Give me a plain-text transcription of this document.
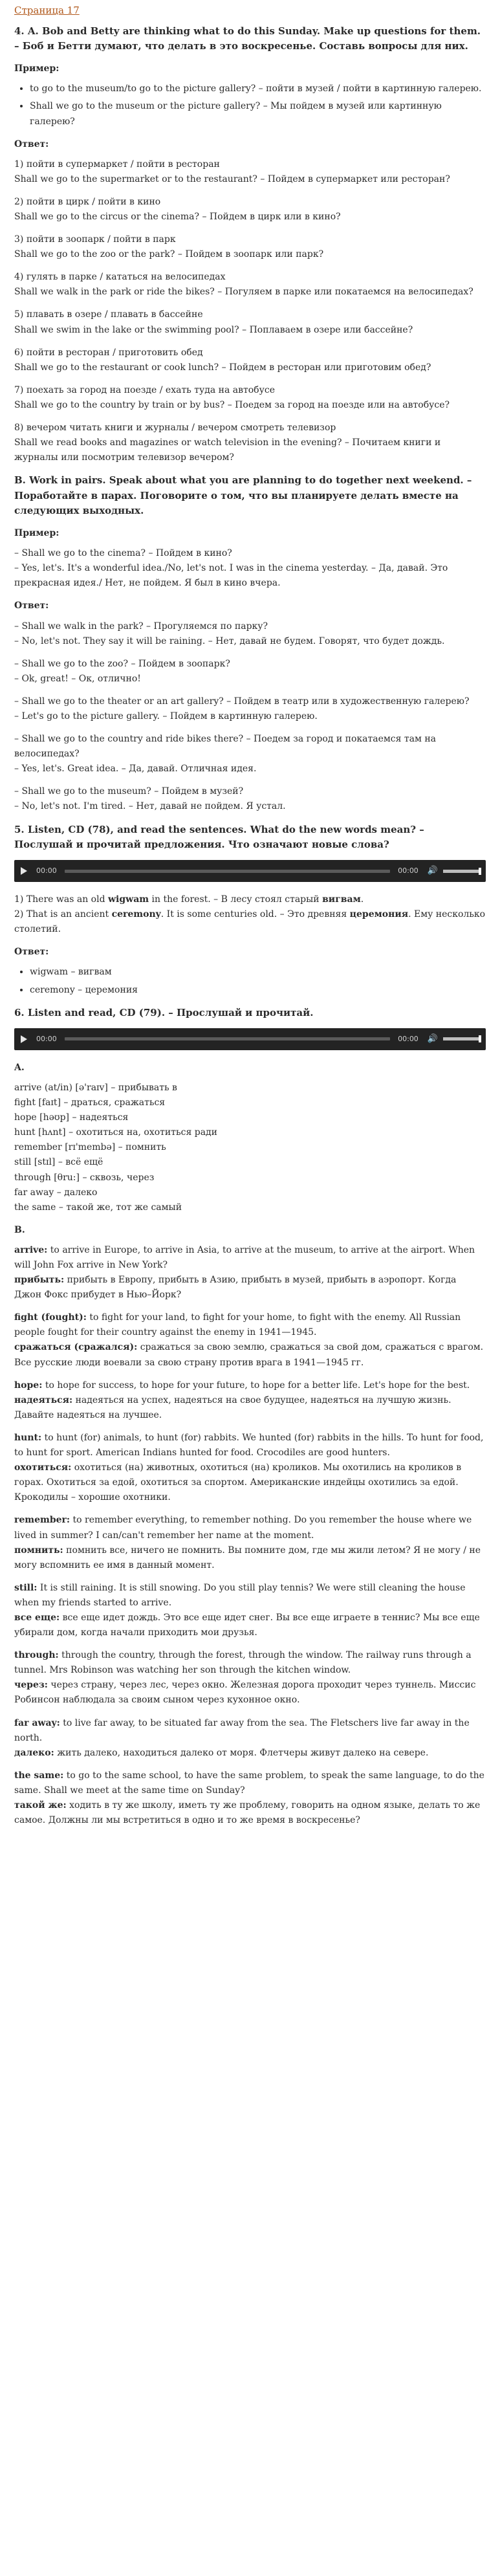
Страница 17
4. A. Bob and Betty are thinking what to do this Sunday. Make up questions for them. – Боб и Бетти думают, что делать в это воскресенье. Составь вопросы для них.

Пример:

• to go to the museum/to go to the picture gallery? – пойти в музей / пойти в картинную галерею.
• Shall we go to the museum or the picture gallery? – Мы пойдем в музей или картинную галерею?

Ответ:

1) пойти в супермаркет / пойти в ресторан
Shall we go to the supermarket or to the restaurant? – Пойдем в супермаркет или ресторан?

2) пойти в цирк / пойти в кино
Shall we go to the circus or the cinema? – Пойдем в цирк или в кино?

3) пойти в зоопарк / пойти в парк
Shall we go to the zoo or the park? – Пойдем в зоопарк или парк?

4) гулять в парке / кататься на велосипедах
Shall we walk in the park or ride the bikes? – Погуляем в парке или покатаемся на велосипедах?

5) плавать в озере / плавать в бассейне
Shall we swim in the lake or the swimming pool? – Поплаваем в озере или бассейне?

6) пойти в ресторан / приготовить обед
Shall we go to the restaurant or cook lunch? – Пойдем в ресторан или приготовим обед?

7) поехать за город на поезде / ехать туда на автобусе
Shall we go to the country by train or by bus? – Поедем за город на поезде или на автобусе?

8) вечером читать книги и журналы / вечером смотреть телевизор
Shall we read books and magazines or watch television in the evening? – Почитаем книги и журналы или посмотрим телевизор вечером?

B. Work in pairs. Speak about what you are planning to do together next weekend. – Поработайте в парах. Поговорите о том, что вы планируете делать вместе на следующих выходных.

Пример:

– Shall we go to the cinema? – Пойдем в кино?
– Yes, let's. It's a wonderful idea./No, let's not. I was in the cinema yesterday. – Да, давай. Это прекрасная идея./ Нет, не пойдем. Я был в кино вчера.

Ответ:

– Shall we walk in the park? – Прогуляемся по парку?
– No, let's not. They say it will be raining. – Нет, давай не будем. Говорят, что будет дождь.

– Shall we go to the zoo? – Пойдем в зоопарк?
– Ok, great! – Ок, отлично!

– Shall we go to the theater or an art gallery? – Пойдем в театр или в художественную галерею?
– Let's go to the picture gallery. – Пойдем в картинную галерею.

– Shall we go to the country and ride bikes there? – Поедем за город и покатаемся там на велосипедах?
– Yes, let's. Great idea. – Да, давай. Отличная идея.

– Shall we go to the museum? – Пойдем в музей?
– No, let's not. I'm tired. – Нет, давай не пойдем. Я устал.

5. Listen, CD (78), and read the sentences. What do the new words mean? – Послушай и прочитай предложения. Что означают новые слова?
00:00	00:00 🔊

1) There was an old wigwam in the forest. – В лесу стоял старый вигвам.
2) That is an ancient ceremony. It is some centuries old. – Это древняя церемония. Ему несколько столетий.

Ответ:

• wigwam – вигвам
• ceremony – церемония
6. Listen and read, CD (79). – Прослушай и прочитай.
00:00	00:00 🔊

A.

arrive (at/in) [ə'raɪv] – прибывать в

fight [faɪt] – драться, сражаться

hope [həʊp] – надеяться

hunt [hʌnt] – охотиться на, охотиться ради

remember [rɪ'membə] – помнить

still [stɪl] – всё ещё

through [θru:] – сквозь, через

far away – далеко

the same – такой же, тот же самый

B.

arrive: to arrive in Europe, to arrive in Asia, to arrive at the museum, to arrive at the airport. When will John Fox arrive in New York?
прибыть: прибыть в Европу, прибыть в Азию, прибыть в музей, прибыть в аэропорт. Когда Джон Фокс прибудет в Нью–Йорк?

fight (fought): to fight for your land, to fight for your home, to fight with the enemy. All Russian people fought for their country against the enemy in 1941—1945.
сражаться (сражался): сражаться за свою землю, сражаться за свой дом, сражаться с врагом. Все русские люди воевали за свою страну против врага в 1941—1945 гг.

hope: to hope for success, to hope for your future, to hope for a better life. Let's hope for the best.
надеяться: надеяться на успех, надеяться на свое будущее, надеяться на лучшую жизнь. Давайте надеяться на лучшее.

hunt: to hunt (for) animals, to hunt (for) rabbits. We hunted (for) rabbits in the hills. To hunt for food, to hunt for sport. American Indians hunted for food. Crocodiles are good hunters.
охотиться: охотиться (на) животных, охотиться (на) кроликов. Мы охотились на кроликов в горах. Охотиться за едой, охотиться за спортом. Американские индейцы охотились за едой. Крокодилы – хорошие охотники.

remember: to remember everything, to remember nothing. Do you remember the house where we lived in summer? I can/can't remember her name at the moment.
помнить: помнить все, ничего не помнить. Вы помните дом, где мы жили летом? Я не могу / не могу вспомнить ее имя в данный момент.

still: It is still raining. It is still snowing. Do you still play tennis? We were still cleaning the house when my friends started to arrive.
все еще: все еще идет дождь. Это все еще идет снег. Вы все еще играете в теннис? Мы все еще убирали дом, когда начали приходить мои друзья.

through: through the country, through the forest, through the window. The railway runs through a tunnel. Mrs Robinson was watching her son through the kitchen window.
через: через страну, через лес, через окно. Железная дорога проходит через туннель. Миссис Робинсон наблюдала за своим сыном через кухонное окно.

far away: to live far away, to be situated far away from the sea. The Fletschers live far away in the north.
далеко: жить далеко, находиться далеко от моря. Флетчеры живут далеко на севере.

the same: to go to the same school, to have the same problem, to speak the same language, to do the same. Shall we meet at the same time on Sunday?
такой же: ходить в ту же школу, иметь ту же проблему, говорить на одном языке, делать то же самое. Должны ли мы встретиться в одно и то же время в воскресенье?
